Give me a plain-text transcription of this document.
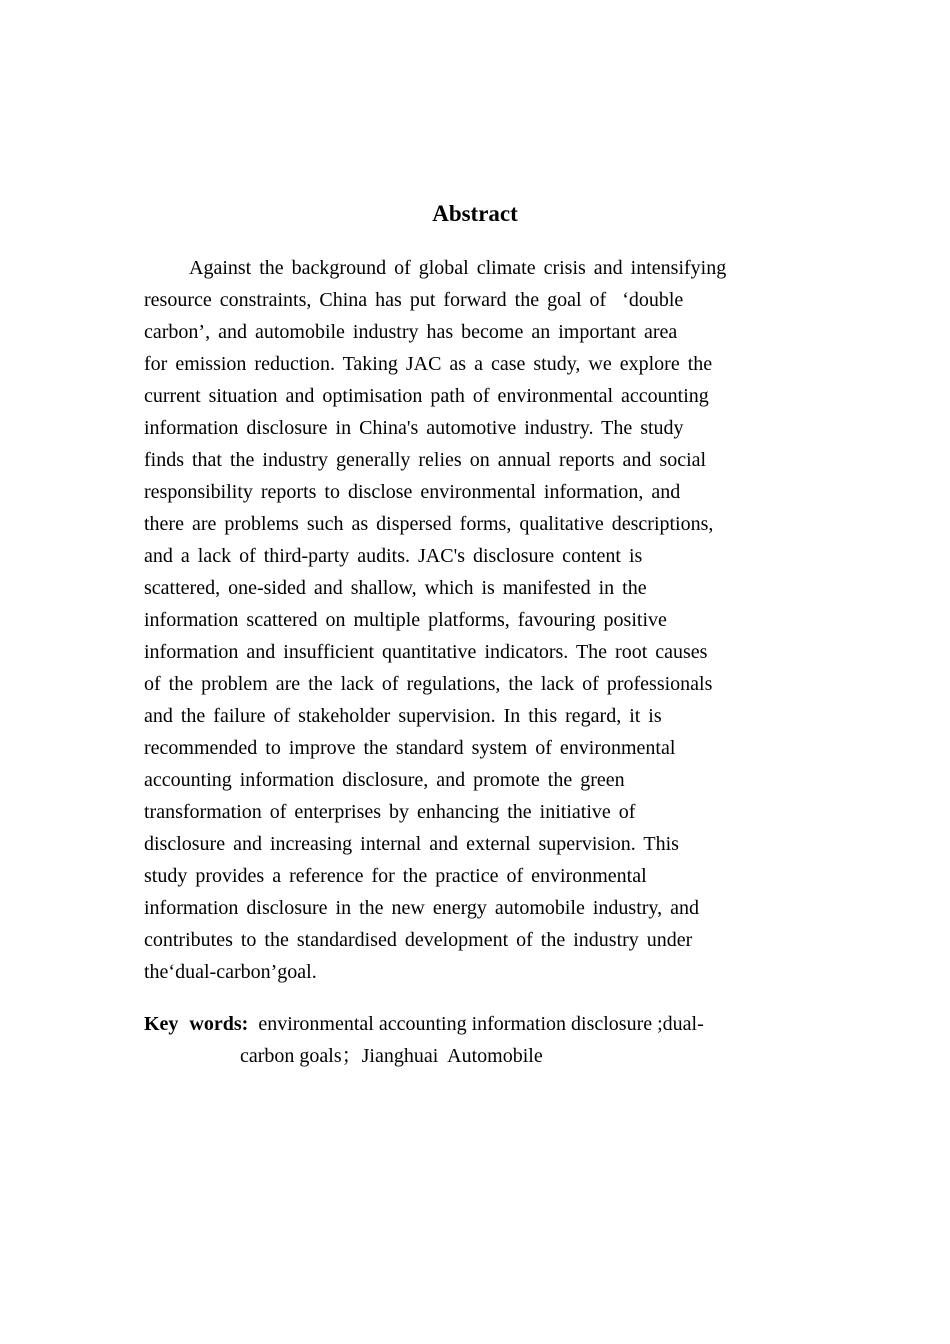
Abstract
Against the background of global climate crisis and intensifying
resource constraints, China has put forward the goal of  ‘double
carbon’, and automobile industry has become an important area
for emission reduction. Taking JAC as a case study, we explore the
current situation and optimisation path of environmental accounting
information disclosure in China's automotive industry. The study
finds that the industry generally relies on annual reports and social
responsibility reports to disclose environmental information, and
there are problems such as dispersed forms, qualitative descriptions,
and a lack of third-party audits. JAC's disclosure content is
scattered, one-sided and shallow, which is manifested in the
information scattered on multiple platforms, favouring positive
information and insufficient quantitative indicators. The root causes
of the problem are the lack of regulations, the lack of professionals
and the failure of stakeholder supervision. In this regard, it is
recommended to improve the standard system of environmental
accounting information disclosure, and promote the green
transformation of enterprises by enhancing the initiative of
disclosure and increasing internal and external supervision. This
study provides a reference for the practice of environmental
information disclosure in the new energy automobile industry, and
contributes to the standardised development of the industry under
the‘dual-carbon’goal.
Key words: environmental accounting information disclosure ;dual-
carbon goals；Jianghuai  Automobile
